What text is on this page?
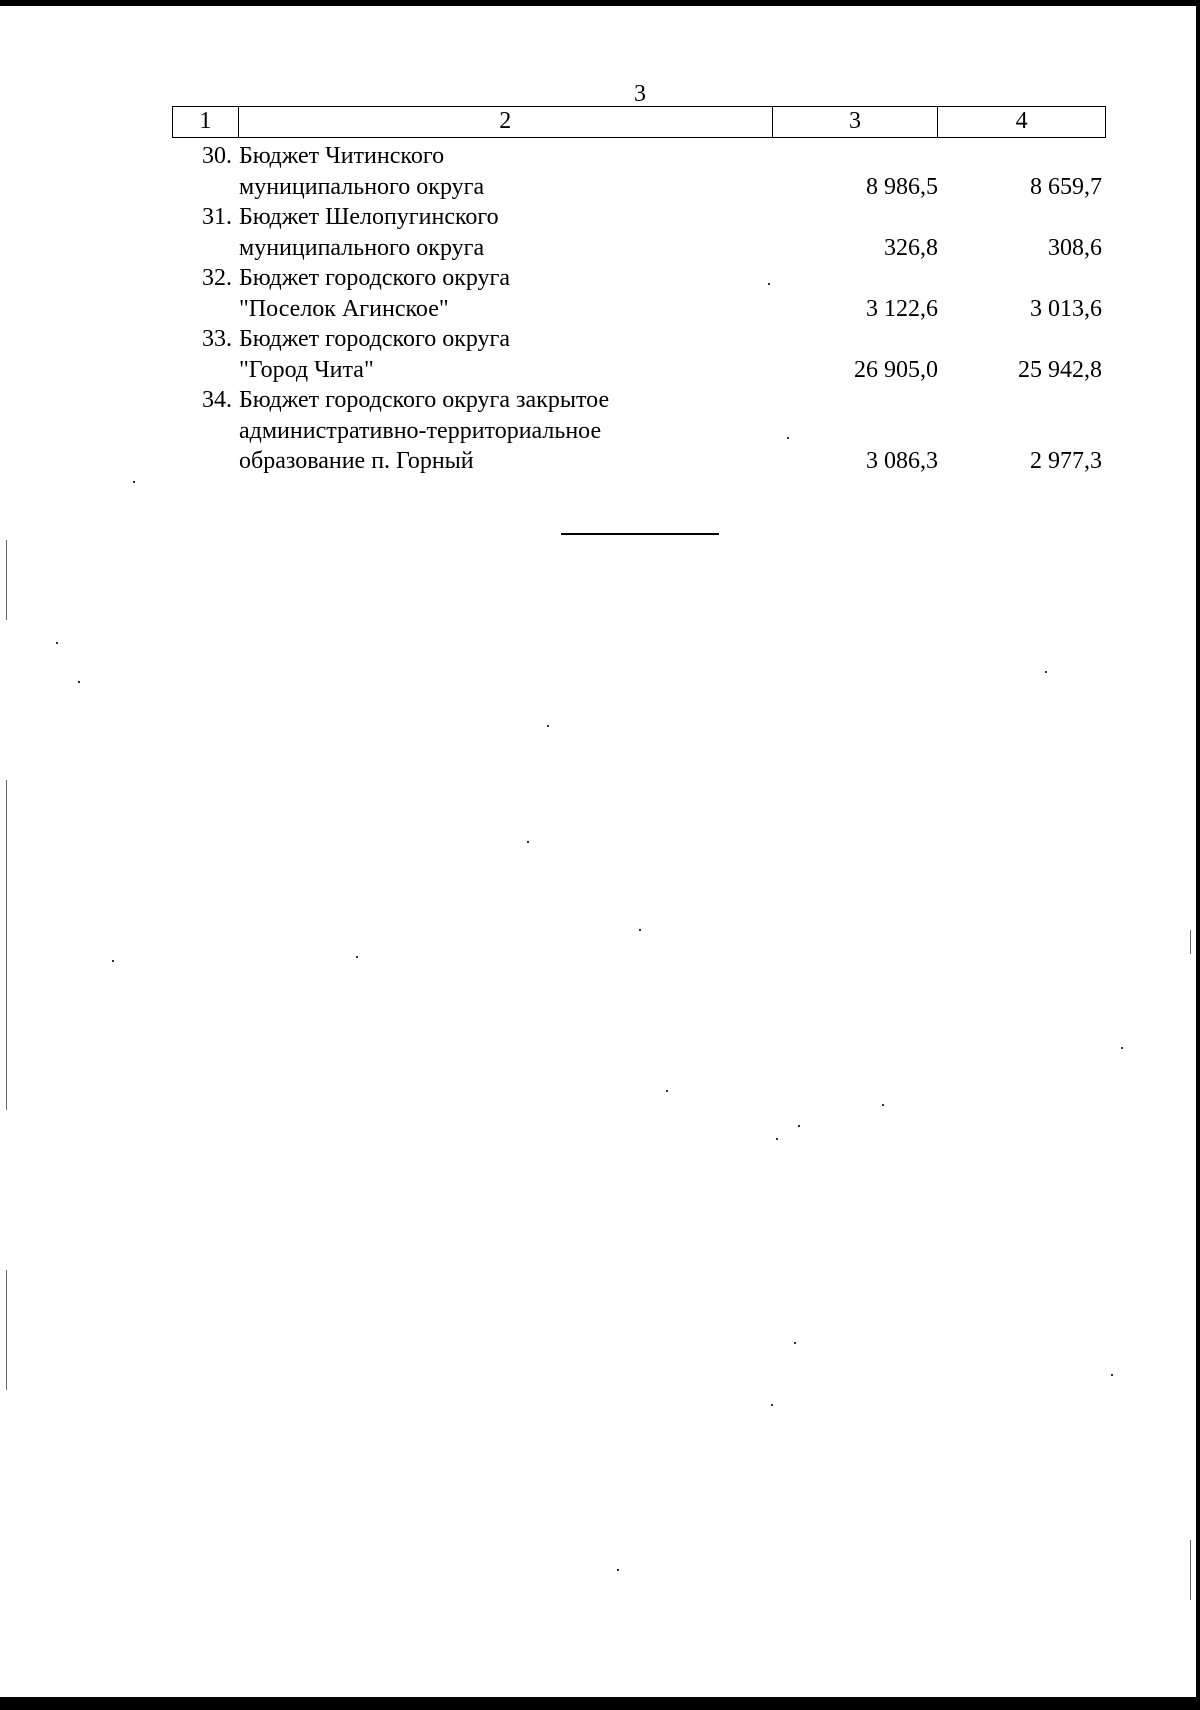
3
1	2	3	4
30. Бюджет Читинского
муниципального округа	8 986,5	8 659,7
31. Бюджет Шелопугинского
муниципального округа	326,8	308,6
32. Бюджет городского округа
"Поселок Агинское"	3 122,6	3 013,6
33. Бюджет городского округа
"Город Чита"	26 905,0	25 942,8
34. Бюджет городского округа закрытое
административно-территориальное
образование п. Горный	3 086,3	2 977,3
